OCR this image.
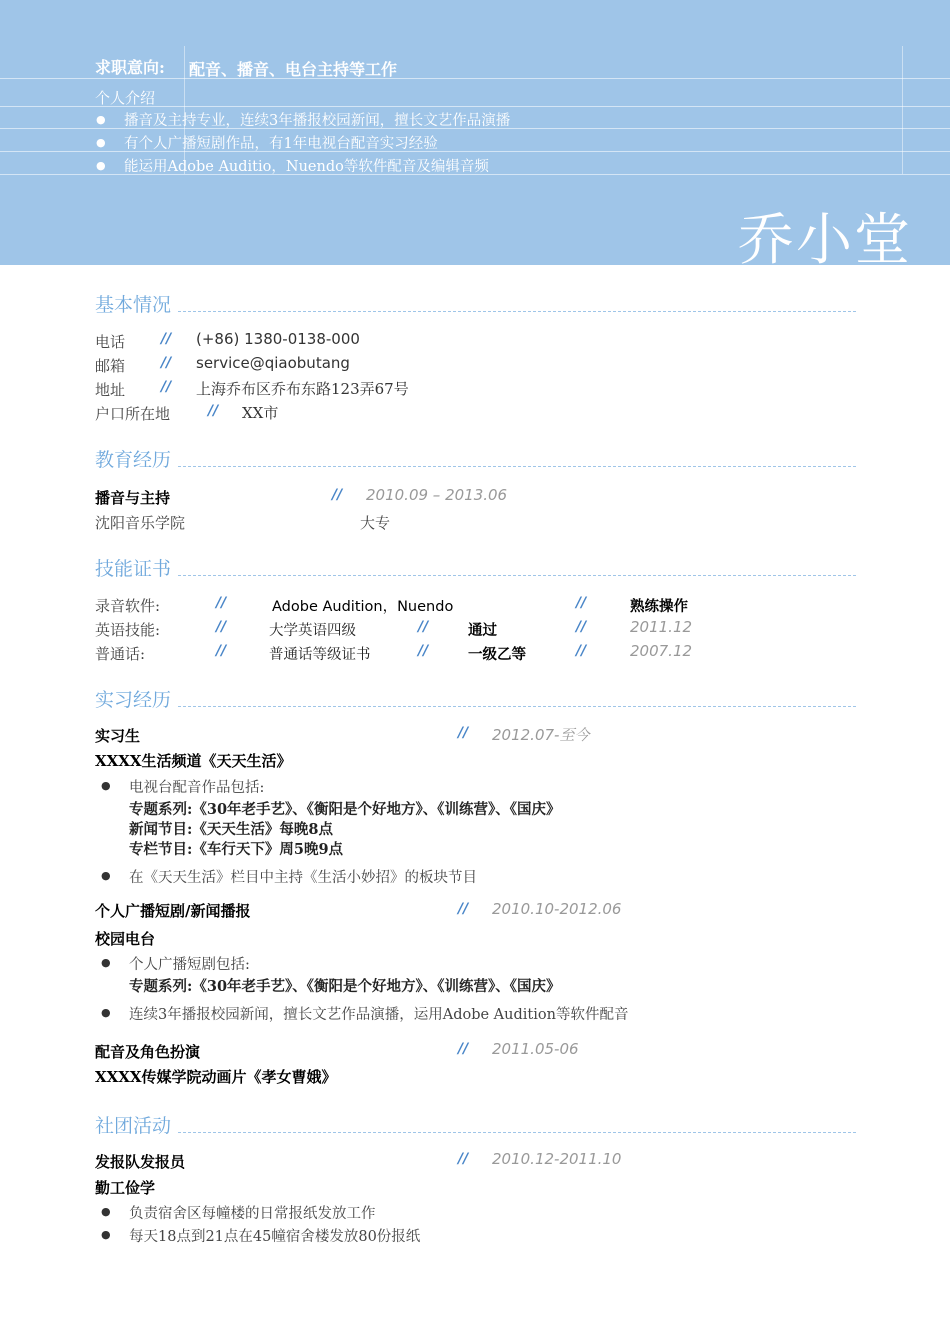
求职意向: 配音、播音、电台主持等工作
个人介绍
● 播音及主持专业，连续3年播报校园新闻，擅长文艺作品演播
● 有个人广播短剧作品，有1年电视台配音实习经验
● 能运用Adobe Auditio，Nuendo等软件配音及编辑音频
乔小堂
基本情况
电话	// (+86) 1380-0138-000
邮箱	// service@qiaobutang
地址	// 上海乔布区乔布东路123弄67号
户口所在地	// XX市
教育经历
播音与主持	// 2010.09 – 2013.06
沈阳音乐学院	大专
技能证书
录音软件:	//	Adobe Audition，Nuendo	//	熟练操作
英语技能:	//	大学英语四级	//	通过	//	2011.12
普通话:	//	普通话等级证书	//	一级乙等	//	2007.12
实习经历
实习生	// 2012.07-至今
XXXX生活频道《天天生活》
● 电视台配音作品包括:
专题系列:《30年老手艺》、《衡阳是个好地方》、《训练营》、《国庆》
新闻节目:《天天生活》每晚8点
专栏节目:《车行天下》周5晚9点
● 在《天天生活》栏目中主持《生活小妙招》的板块节目
个人广播短剧/新闻播报	// 2010.10-2012.06
校园电台
● 个人广播短剧包括:
专题系列:《30年老手艺》、《衡阳是个好地方》、《训练营》、《国庆》
● 连续3年播报校园新闻，擅长文艺作品演播，运用Adobe Audition等软件配音
配音及角色扮演	// 2011.05-06
XXXX传媒学院动画片《孝女曹娥》
社团活动
发报队发报员	// 2010.12-2011.10
勤工俭学
● 负责宿舍区每幢楼的日常报纸发放工作
● 每天18点到21点在45幢宿舍楼发放80份报纸
